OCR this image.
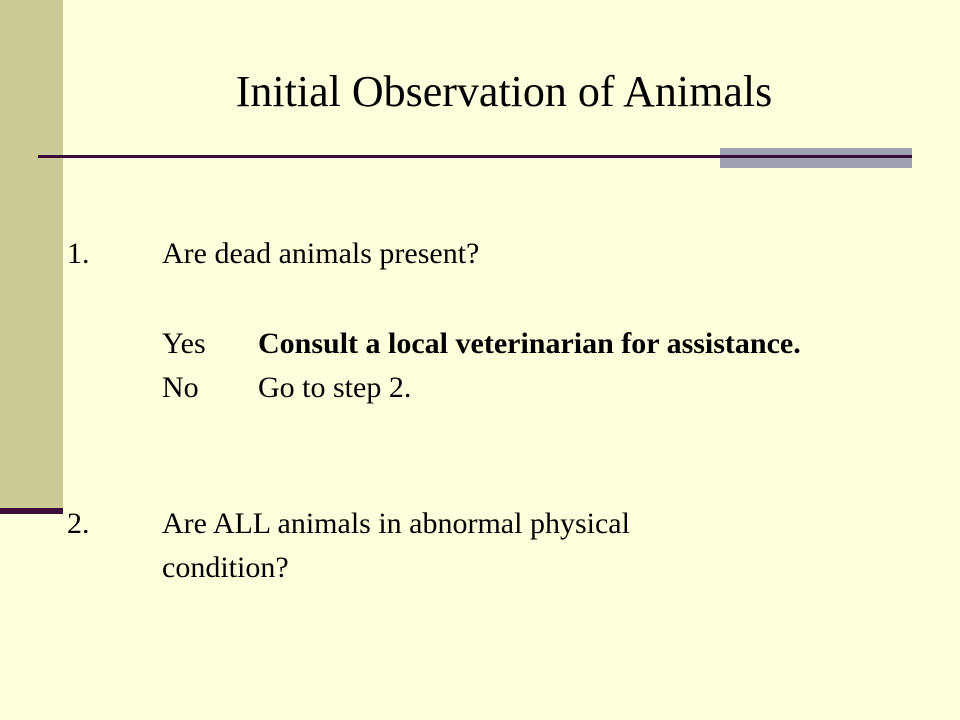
Initial Observation of Animals
1. Are dead animals present?
Yes Consult a local veterinarian for assistance.
No Go to step 2.
2. Are ALL animals in abnormal physical
condition?
